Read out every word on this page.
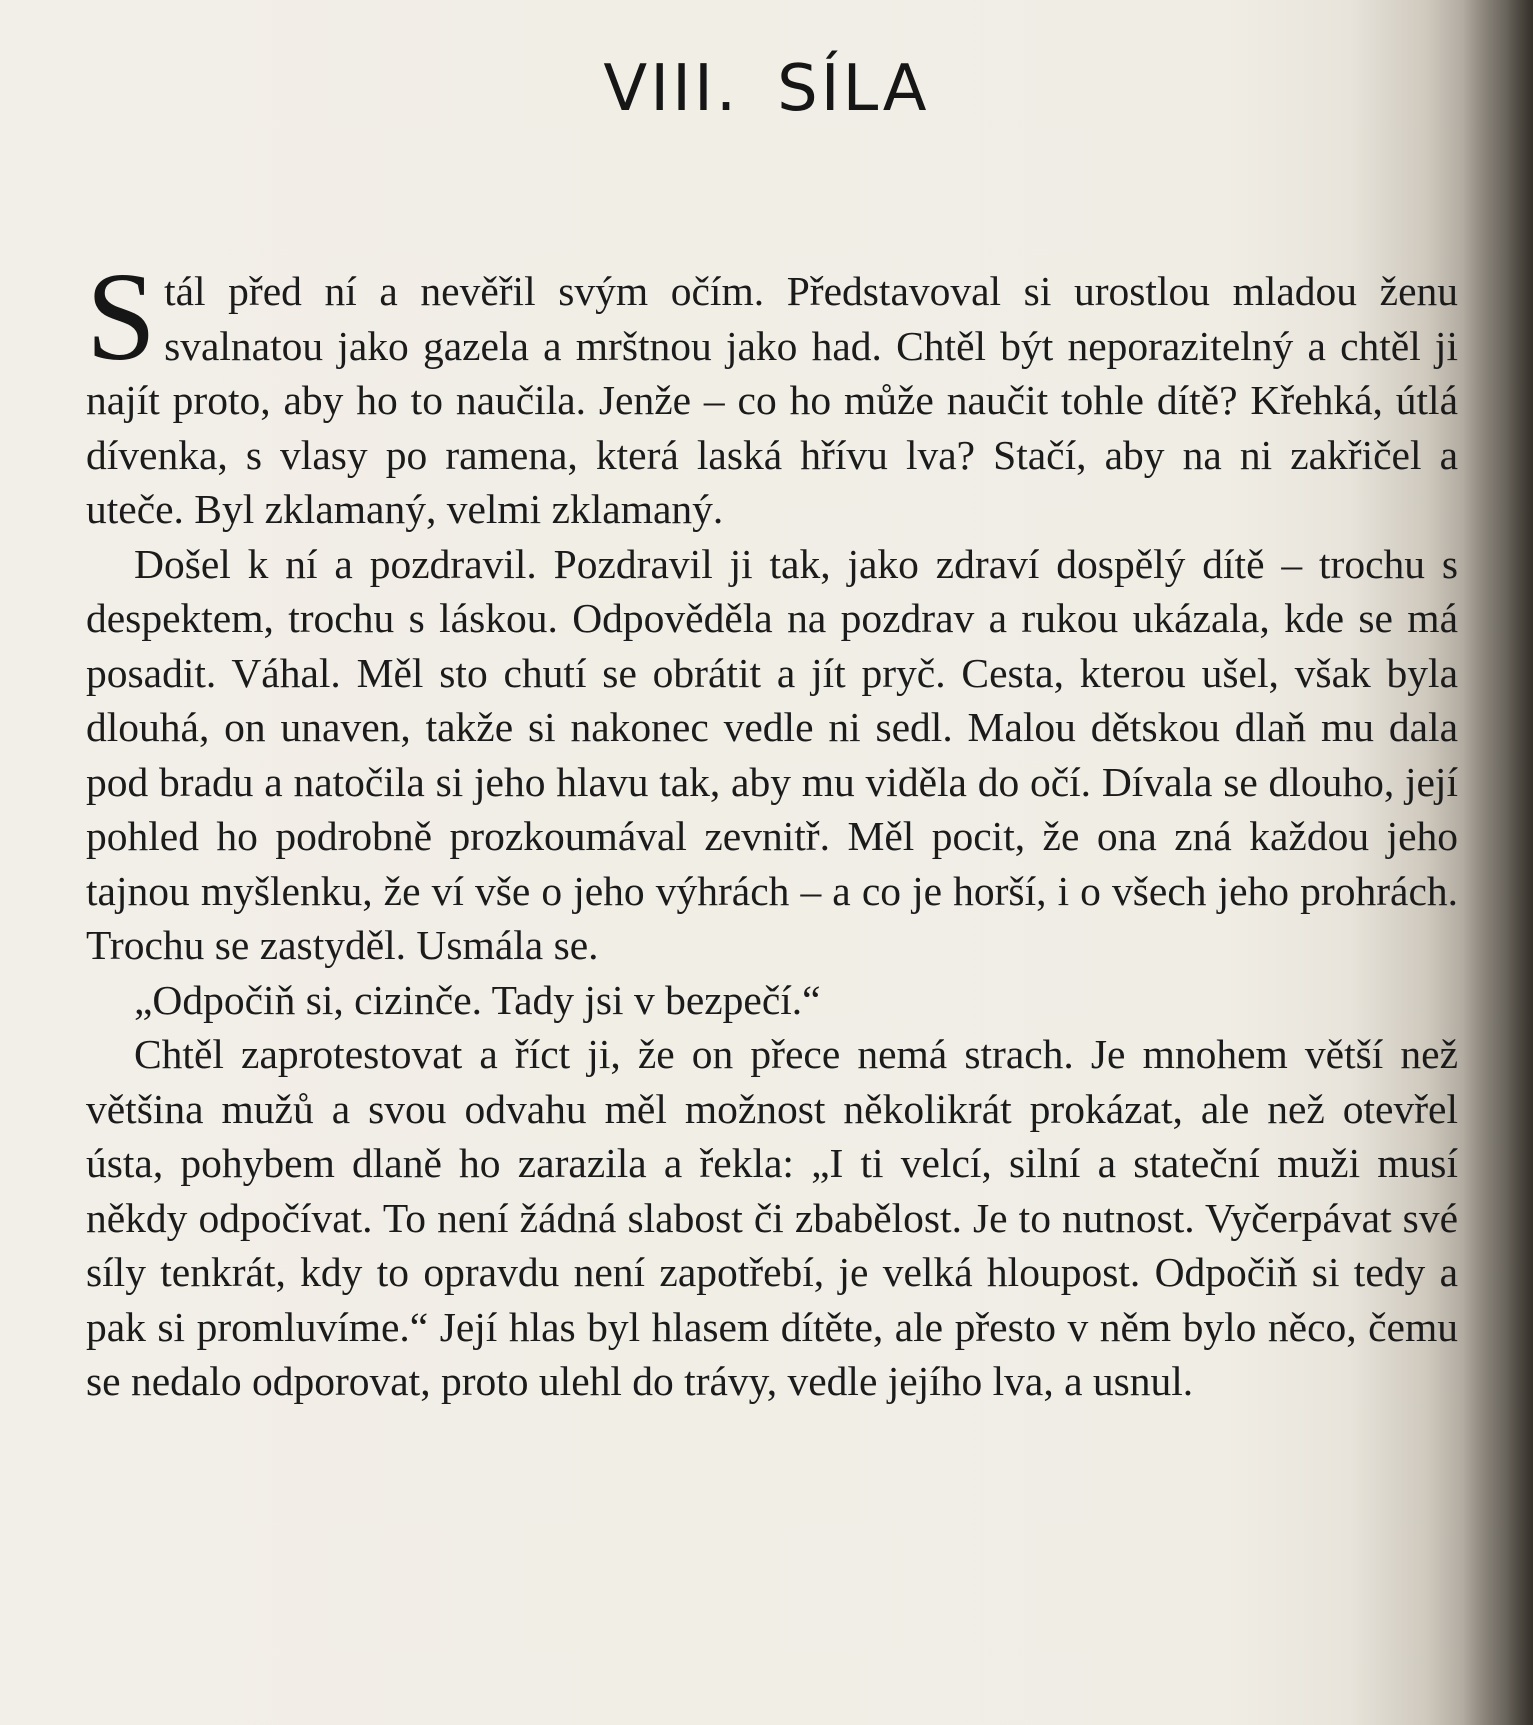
VIII. SÍLA

Stál před ní a nevěřil svým očím. Představoval si urostlou mladou ženu svalnatou jako gazela a mrštnou jako had. Chtěl být neporazitelný a chtěl ji najít proto, aby ho to naučila. Jenže – co ho může naučit tohle dítě? Křehká, útlá dívenka, s vlasy po ramena, která laská hřívu lva? Stačí, aby na ni zakřičel a uteče. Byl zklamaný, velmi zklamaný.

Došel k ní a pozdravil. Pozdravil ji tak, jako zdraví dospělý dítě – trochu s despektem, trochu s láskou. Odpověděla na pozdrav a rukou ukázala, kde se má posadit. Váhal. Měl sto chutí se obrátit a jít pryč. Cesta, kterou ušel, však byla dlouhá, on unaven, takže si nakonec vedle ni sedl. Malou dětskou dlaň mu dala pod bradu a natočila si jeho hlavu tak, aby mu viděla do očí. Dívala se dlouho, její pohled ho podrobně prozkoumával zevnitř. Měl pocit, že ona zná každou jeho tajnou myšlenku, že ví vše o jeho výhrách – a co je horší, i o všech jeho prohrách. Trochu se zastyděl. Usmála se.

„Odpočiň si, cizinče. Tady jsi v bezpečí.“

Chtěl zaprotestovat a říct ji, že on přece nemá strach. Je mnohem větší než většina mužů a svou odvahu měl možnost několikrát prokázat, ale než otevřel ústa, pohybem dlaně ho zarazila a řekla: „I ti velcí, silní a stateční muži musí někdy odpočívat. To není žádná slabost či zbabělost. Je to nutnost. Vyčerpávat své síly tenkrát, kdy to opravdu není zapotřebí, je velká hloupost. Odpočiň si tedy a pak si promluvíme.“ Její hlas byl hlasem dítěte, ale přesto v něm bylo něco, čemu se nedalo odporovat, proto ulehl do trávy, vedle jejího lva, a usnul.
